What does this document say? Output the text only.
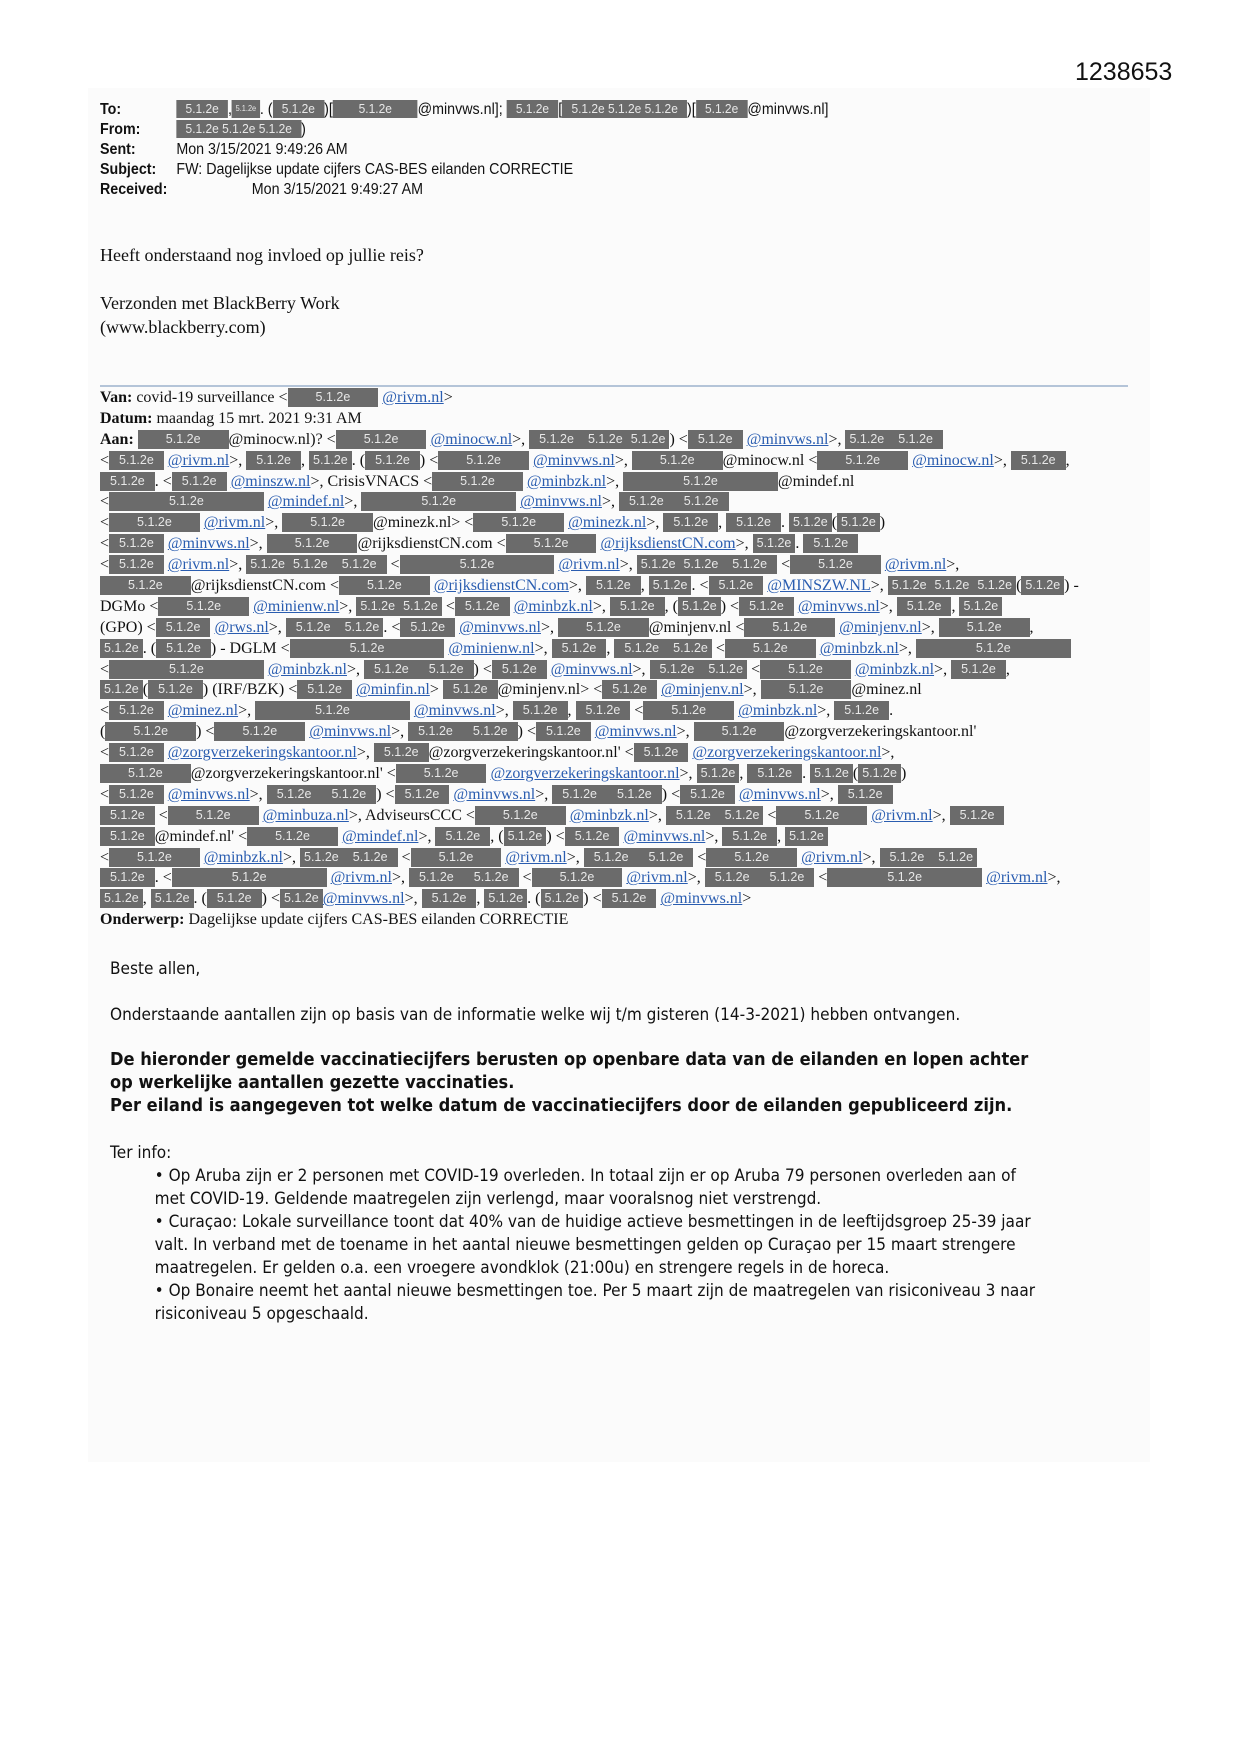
1238653
To:	5.1.2e , 5.1.2e . ( 5.1.2e )[ 5.1.2e @minvws.nl]; 5.1.2e [ 5.1.2e 5.1.2e 5.1.2e )[ 5.1.2e @minvws.nl]
From:	5.1.2e 5.1.2e 5.1.2e )
Sent:	Mon 3/15/2021 9:49:26 AM
Subject:	FW: Dagelijkse update cijfers CAS-BES eilanden CORRECTIE
Received:	Mon 3/15/2021 9:49:27 AM

Heeft onderstaand nog invloed op jullie reis?

Verzonden met BlackBerry Work
(www.blackberry.com)
Van: covid-19 surveillance < 5.1.2e @rivm.nl>
Datum: maandag 15 mrt. 2021 9:31 AM
Aan:	5.1.2e @minocw.nl)? < 5.1.2e @minocw.nl>, 5.1.2e 5.1.2e 5.1.2e ) < 5.1.2e @minvws.nl>, 5.1.2e 5.1.2e
< 5.1.2e @rivm.nl>, 5.1.2e , 5.1.2e . ( 5.1.2e ) < 5.1.2e @minvws.nl>, 5.1.2e @minocw.nl < 5.1.2e @minocw.nl>, 5.1.2e ,
5.1.2e . < 5.1.2e @minszw.nl>, CrisisVNACS < 5.1.2e @minbzk.nl>,	5.1.2e	@mindef.nl
<	5.1.2e	@mindef.nl>,	5.1.2e	@minvws.nl>, 5.1.2e 5.1.2e
< 5.1.2e @rivm.nl>, 5.1.2e @minezk.nl> < 5.1.2e @minezk.nl>, 5.1.2e , 5.1.2e . 5.1.2e ( 5.1.2e )
< 5.1.2e @minvws.nl>, 5.1.2e @rijksdienstCN.com < 5.1.2e @rijksdienstCN.com>, 5.1.2e . 5.1.2e
< 5.1.2e @rivm.nl>, 5.1.2e 5.1.2e 5.1.2e <	5.1.2e	@rivm.nl>, 5.1.2e 5.1.2e 5.1.2e < 5.1.2e @rivm.nl>,
5.1.2e @rijksdienstCN.com < 5.1.2e @rijksdienstCN.com>, 5.1.2e , 5.1.2e . < 5.1.2e @MINSZW.NL>, 5.1.2e 5.1.2e 5.1.2e ( 5.1.2e ) -
DGMo < 5.1.2e @minienw.nl>, 5.1.2e 5.1.2e < 5.1.2e @minbzk.nl>, 5.1.2e , ( 5.1.2e ) < 5.1.2e @minvws.nl>, 5.1.2e , 5.1.2e
(GPO) < 5.1.2e @rws.nl>, 5.1.2e 5.1.2e . < 5.1.2e @minvws.nl>, 5.1.2e @minjenv.nl < 5.1.2e @minjenv.nl>, 5.1.2e ,
5.1.2e . ( 5.1.2e ) - DGLM <	5.1.2e	@minienw.nl>, 5.1.2e , 5.1.2e 5.1.2e < 5.1.2e @minbzk.nl>,	5.1.2e
<	5.1.2e	@minbzk.nl>, 5.1.2e 5.1.2e ) < 5.1.2e @minvws.nl>, 5.1.2e 5.1.2e < 5.1.2e @minbzk.nl>, 5.1.2e ,
5.1.2e ( 5.1.2e ) (IRF/BZK) < 5.1.2e @minfin.nl> 5.1.2e @minjenv.nl> < 5.1.2e @minjenv.nl>, 5.1.2e @minez.nl
< 5.1.2e @minez.nl>,	5.1.2e	@minvws.nl>, 5.1.2e , 5.1.2e < 5.1.2e @minbzk.nl>, 5.1.2e .
( 5.1.2e ) < 5.1.2e @minvws.nl>, 5.1.2e 5.1.2e ) < 5.1.2e @minvws.nl>, 5.1.2e @zorgverzekeringskantoor.nl'
< 5.1.2e @zorgverzekeringskantoor.nl>, 5.1.2e @zorgverzekeringskantoor.nl' < 5.1.2e @zorgverzekeringskantoor.nl>,
5.1.2e @zorgverzekeringskantoor.nl' < 5.1.2e @zorgverzekeringskantoor.nl>, 5.1.2e , 5.1.2e . 5.1.2e ( 5.1.2e )
< 5.1.2e @minvws.nl>, 5.1.2e 5.1.2e ) < 5.1.2e @minvws.nl>, 5.1.2e 5.1.2e ) < 5.1.2e @minvws.nl>, 5.1.2e
5.1.2e < 5.1.2e @minbuza.nl>, AdviseursCCC < 5.1.2e @minbzk.nl>, 5.1.2e 5.1.2e < 5.1.2e @rivm.nl>, 5.1.2e
5.1.2e @mindef.nl' < 5.1.2e @mindef.nl>, 5.1.2e , ( 5.1.2e ) < 5.1.2e @minvws.nl>, 5.1.2e , 5.1.2e
< 5.1.2e @minbzk.nl>, 5.1.2e 5.1.2e < 5.1.2e @rivm.nl>, 5.1.2e 5.1.2e < 5.1.2e @rivm.nl>, 5.1.2e 5.1.2e
5.1.2e . <	5.1.2e	@rivm.nl>, 5.1.2e 5.1.2e < 5.1.2e @rivm.nl>, 5.1.2e 5.1.2e <	5.1.2e	@rivm.nl>,
5.1.2e , 5.1.2e . ( 5.1.2e ) < 5.1.2e @minvws.nl>, 5.1.2e , 5.1.2e . ( 5.1.2e ) < 5.1.2e @minvws.nl>
Onderwerp: Dagelijkse update cijfers CAS-BES eilanden CORRECTIE

Beste allen,

Onderstaande aantallen zijn op basis van de informatie welke wij t/m gisteren (14-3-2021) hebben ontvangen.

De hieronder gemelde vaccinatiecijfers berusten op openbare data van de eilanden en lopen achter op werkelijke aantallen gezette vaccinaties.

Per eiland is aangegeven tot welke datum de vaccinatiecijfers door de eilanden gepubliceerd zijn.

Ter info:
• Op Aruba zijn er 2 personen met COVID-19 overleden. In totaal zijn er op Aruba 79 personen overleden aan of met COVID-19. Geldende maatregelen zijn verlengd, maar vooralsnog niet verstrengd.
• Curaçao: Lokale surveillance toont dat 40% van de huidige actieve besmettingen in de leeftijdsgroep 25-39 jaar valt. In verband met de toename in het aantal nieuwe besmettingen gelden op Curaçao per 15 maart strengere maatregelen. Er gelden o.a. een vroegere avondklok (21:00u) en strengere regels in de horeca.
• Op Bonaire neemt het aantal nieuwe besmettingen toe. Per 5 maart zijn de maatregelen van risiconiveau 3 naar risiconiveau 5 opgeschaald.
